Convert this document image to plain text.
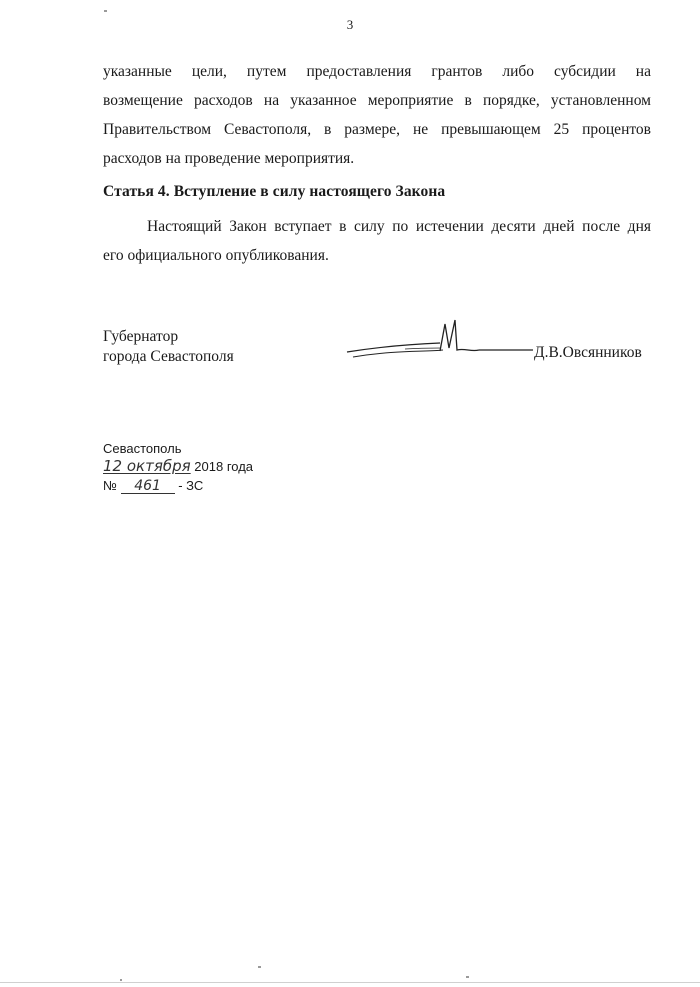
3
указанные цели, путем предоставления грантов либо субсидии на
возмещение расходов на указанное мероприятие в порядке, установленном
Правительством Севастополя, в размере, не превышающем 25 процентов
расходов на проведение мероприятия.
Статья 4. Вступление в силу настоящего Закона
Настоящий Закон вступает в силу по истечении десяти дней после дня
его официального опубликования.
Губернатор
города Севастополя	Д.В.Овсянников
Севастополь
12 октября 2018 года
№ 461 - ЗС
